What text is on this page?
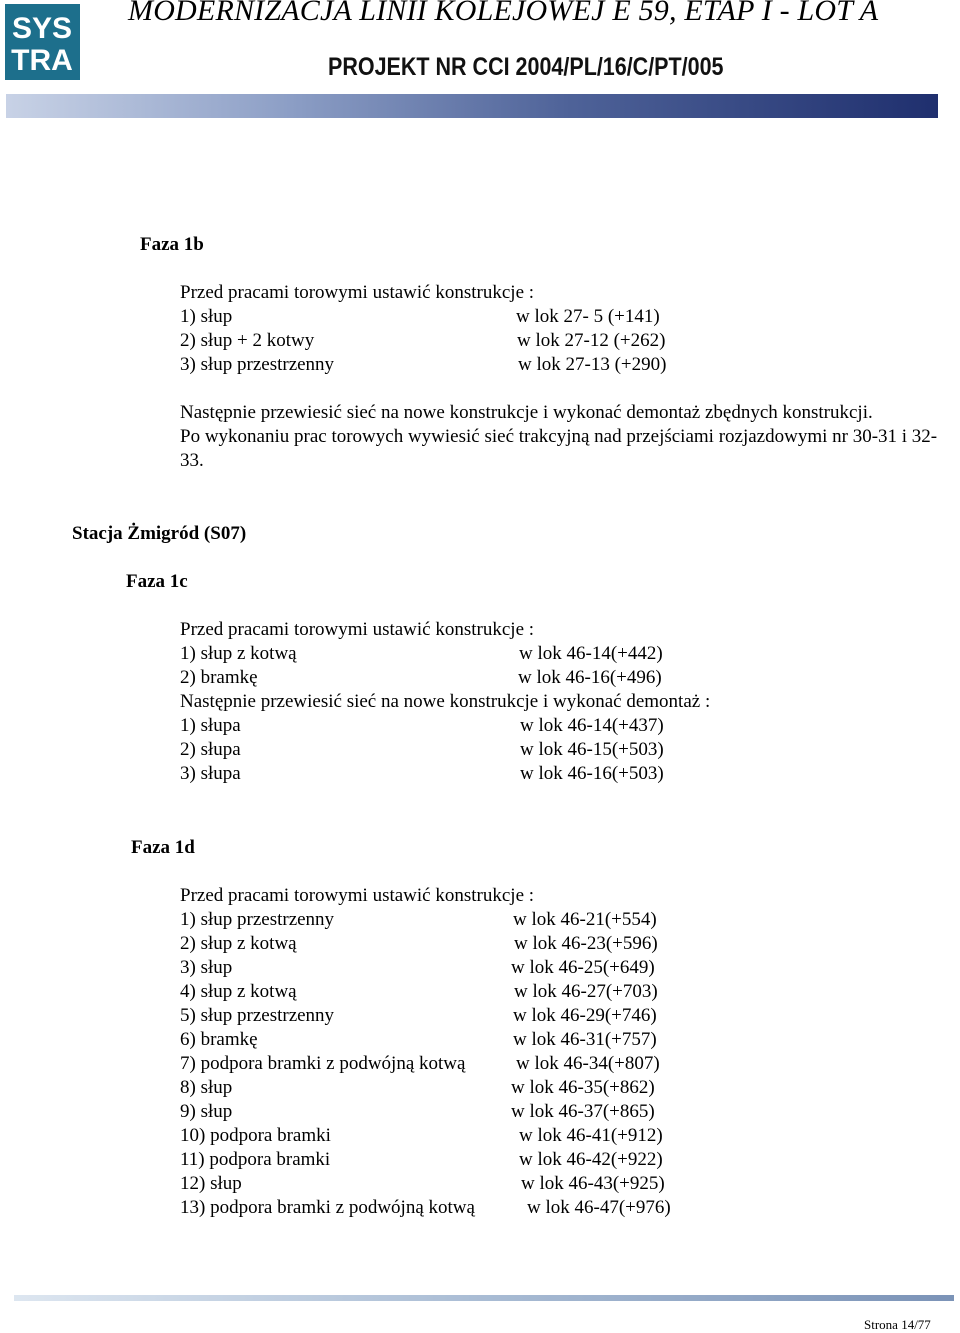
SYS
TRA
MODERNIZACJA LINII KOLEJOWEJ E 59, ETAP I - LOT A
PROJEKT NR CCI 2004/PL/16/C/PT/005
Faza 1b
Przed pracami torowymi ustawić konstrukcje :
1) słup	w lok 27- 5 (+141)
2) słup + 2 kotwy	w lok 27-12 (+262)
3) słup przestrzenny	w lok 27-13 (+290)

Następnie przewiesić sieć na nowe konstrukcje i wykonać demontaż zbędnych konstrukcji.

Po wykonaniu prac torowych wywiesić sieć trakcyjną nad przejściami rozjazdowymi nr 30-31 i 32-33.

Stacja Żmigród (S07)
Faza 1c
Przed pracami torowymi ustawić konstrukcje :
1) słup z kotwą	w lok 46-14(+442)
2) bramkę	w lok 46-16(+496)
Następnie przewiesić sieć na nowe konstrukcje i wykonać demontaż :
1) słupa	w lok 46-14(+437)
2) słupa	w lok 46-15(+503)
3) słupa	w lok 46-16(+503)
Faza 1d
Przed pracami torowymi ustawić konstrukcje :
1) słup przestrzenny	w lok 46-21(+554)
2) słup z kotwą	w lok 46-23(+596)
3) słup	w lok 46-25(+649)
4) słup z kotwą	w lok 46-27(+703)
5) słup przestrzenny	w lok 46-29(+746)
6) bramkę	w lok 46-31(+757)
7) podpora bramki z podwójną kotwą	w lok 46-34(+807)
8) słup	w lok 46-35(+862)
9) słup	w lok 46-37(+865)
10) podpora bramki	w lok 46-41(+912)
11) podpora bramki	w lok 46-42(+922)
12) słup	w lok 46-43(+925)
13) podpora bramki z podwójną kotwą	w lok 46-47(+976)
Strona 14/77
